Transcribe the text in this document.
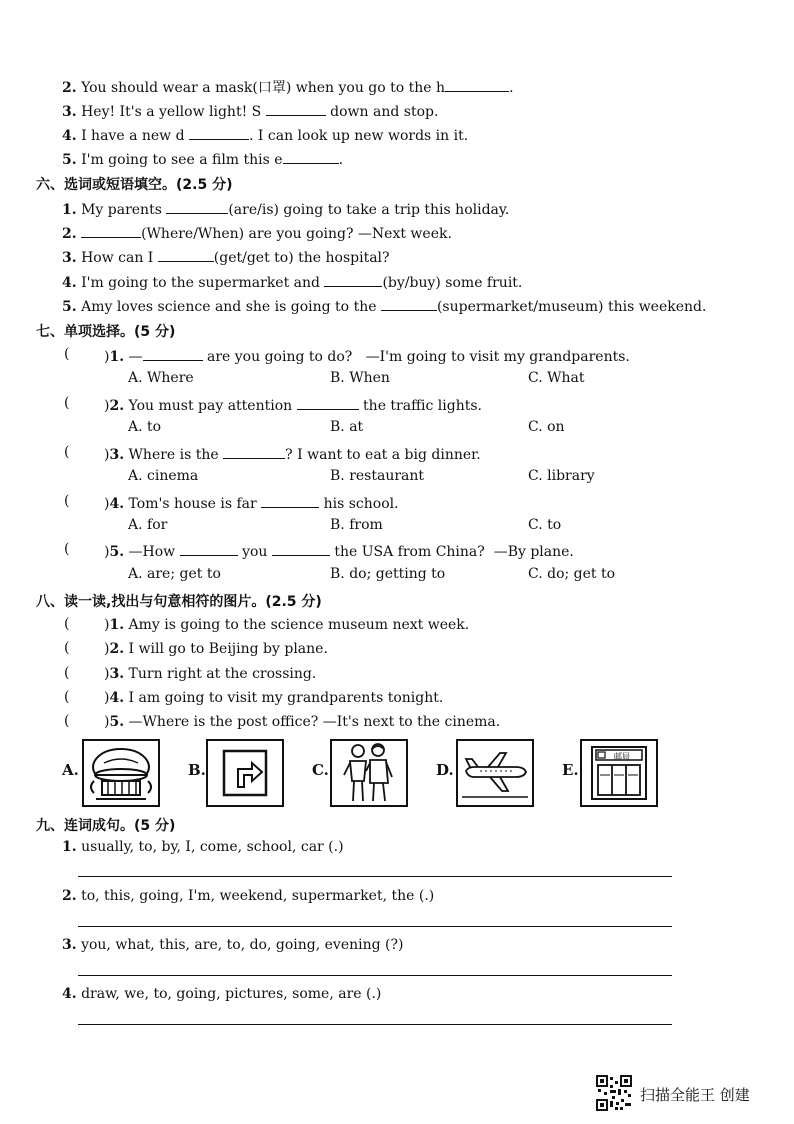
2. You should wear a mask(口罩) when you go to the h	.
3. Hey! It's a yellow light! S	down and stop.
4. I have a new d	. I can look up new words in it.
5. I'm going to see a film this e	.
六、选词或短语填空。(2.5 分)
1. My parents	(are/is) going to take a trip this holiday.
2.	(Where/When) are you going? —Next week.
3. How can I	(get/get to) the hospital?
4. I'm going to the supermarket and	(by/buy) some fruit.
5. Amy loves science and she is going to the	(supermarket/museum) this weekend.
七、单项选择。(5 分)
( )1. —	are you going to do? —I'm going to visit my grandparents.
A. Where	B. When	C. What
( )2. You must pay attention	the traffic lights.
A. to	B. at	C. on
( )3. Where is the	? I want to eat a big dinner.
A. cinema	B. restaurant	C. library
( )4. Tom's house is far	his school.
A. for	B. from	C. to
( )5. —How	you	the USA from China? —By plane.
A. are; get to	B. do; getting to	C. do; get to
八、读一读,找出与句意相符的图片。(2.5 分)
( )1. Amy is going to the science museum next week.
( )2. I will go to Beijing by plane.
( )3. Turn right at the crossing.
( )4. I am going to visit my grandparents tonight.
( )5. —Where is the post office? —It's next to the cinema.
A.	B.	C.	D.	E.
邮局
九、连词成句。(5 分)
1. usually, to, by, I, come, school, car (.)
2. to, this, going, I'm, weekend, supermarket, the (.)
3. you, what, this, are, to, do, going, evening (?)
4. draw, we, to, going, pictures, some, are (.)
扫描全能王 创建
